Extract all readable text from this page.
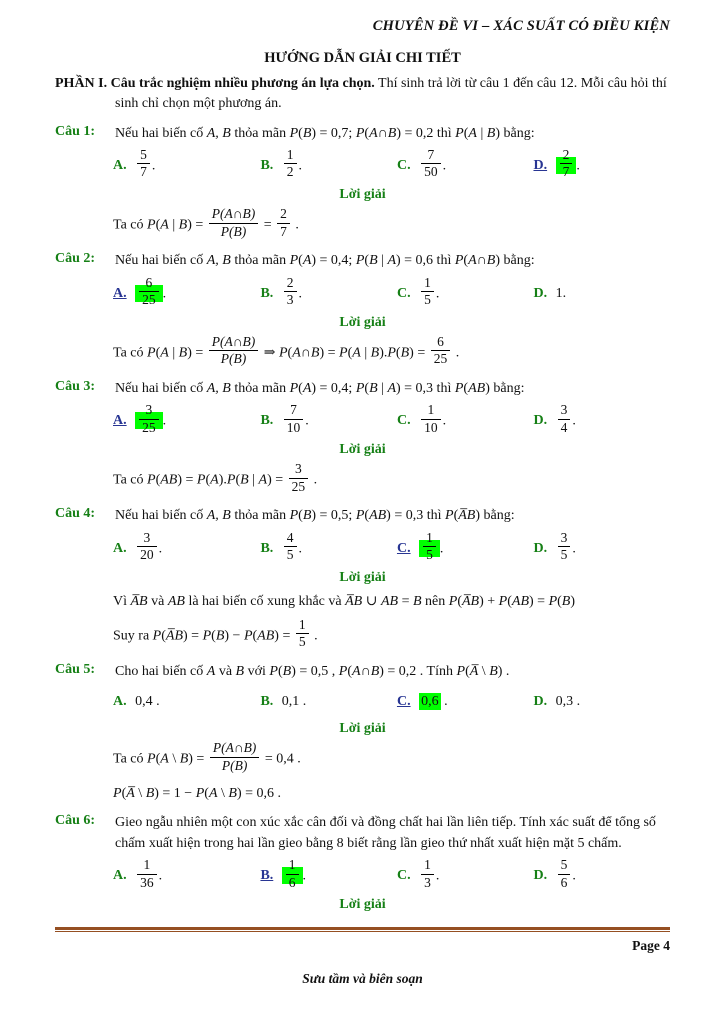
CHUYÊN ĐỀ VI – XÁC SUẤT CÓ ĐIỀU KIỆN
HƯỚNG DẪN GIẢI CHI TIẾT

PHẦN I. Câu trắc nghiệm nhiều phương án lựa chọn. Thí sinh trả lời từ câu 1 đến câu 12. Mỗi câu hỏi thí sinh chỉ chọn một phương án.

Câu 1:	Nếu hai biến cố A, B thỏa mãn P(B) = 0,7; P(A∩B) = 0,2 thì P(A | B) bằng:
A. $\frac{5}{7}$ .	B. $\frac{1}{2}$ .	C. $\frac{7}{50}$ .	D. $\frac{2}{7}$ .
Lời giải
Ta có P(A | $B) = \frac{P(A\cap B)}{P(B)} = \frac{2}{7}$ .
Câu 2:	Nếu hai biến cố A, B thỏa mãn P(A) = 0,4; P(B | A) = 0,6 thì P(A∩B) bằng:
A. $\frac{6}{25}$ .	B. $\frac{2}{3}$ .	C. $\frac{1}{5}$ .	D. 1.
Lời giải
Ta có P(A | $B) = \frac{P(A\cap B)}{P(B)}$ ⇒ P(A∩B) = P(A | $B).P(B) = \frac{6}{25}$ .
Câu 3:	Nếu hai biến cố A, B thỏa mãn P(A) = 0,4; P(B | A) = 0,3 thì P(AB) bằng:
A. $\frac{3}{25}$ .	B. $\frac{7}{10}$ .	C. $\frac{1}{10}$ .	D. $\frac{3}{4}$ .
Lời giải
Ta có P(AB) = P(A).P(B | $A) = \frac{3}{25}$ .
Câu 4:	Nếu hai biến cố A, B thỏa mãn P(B) = 0,5; P(AB) = 0,3 thì P(A̅B) bằng:
A. $\frac{3}{20}$ .	B. $\frac{4}{5}$ .	C. $\frac{1}{5}$ .	D. $\frac{3}{5}$ .
Lời giải
Vì A̅B và AB là hai biến cố xung khắc và A̅B ∪ AB = B nên P(A̅B) + P(AB) = P(B)
Suy ra P(A̅B) = $P(B) - P(AB) = \frac{1}{5}$ .
Câu 5:	Cho hai biến cố A và B với P(B) = 0,5 , P(A∩B) = 0,2 . Tính P(A̅ \ B) .
A. 0,4 .	B. 0,1 .	C. 0,6 .	D. 0,3 .
Lời giải
Ta có P(A \ $B) = \frac{P(A\cap B)}{P(B)} = 0,4$ .
P(A̅ \ B) = 1 − P(A \ B) = 0,6 .
Câu 6:	Gieo ngẫu nhiên một con xúc xắc cân đối và đồng chất hai lần liên tiếp. Tính xác suất để tổng số chấm xuất hiện trong hai lần gieo bằng 8 biết rằng lần gieo thứ nhất xuất hiện mặt 5 chấm.
A. $\frac{1}{36}$ .	B. $\frac{1}{6}$ .	C. $\frac{1}{3}$ .	D. $\frac{5}{6}$ .
Lời giải
Page 4
Sưu tầm và biên soạn
